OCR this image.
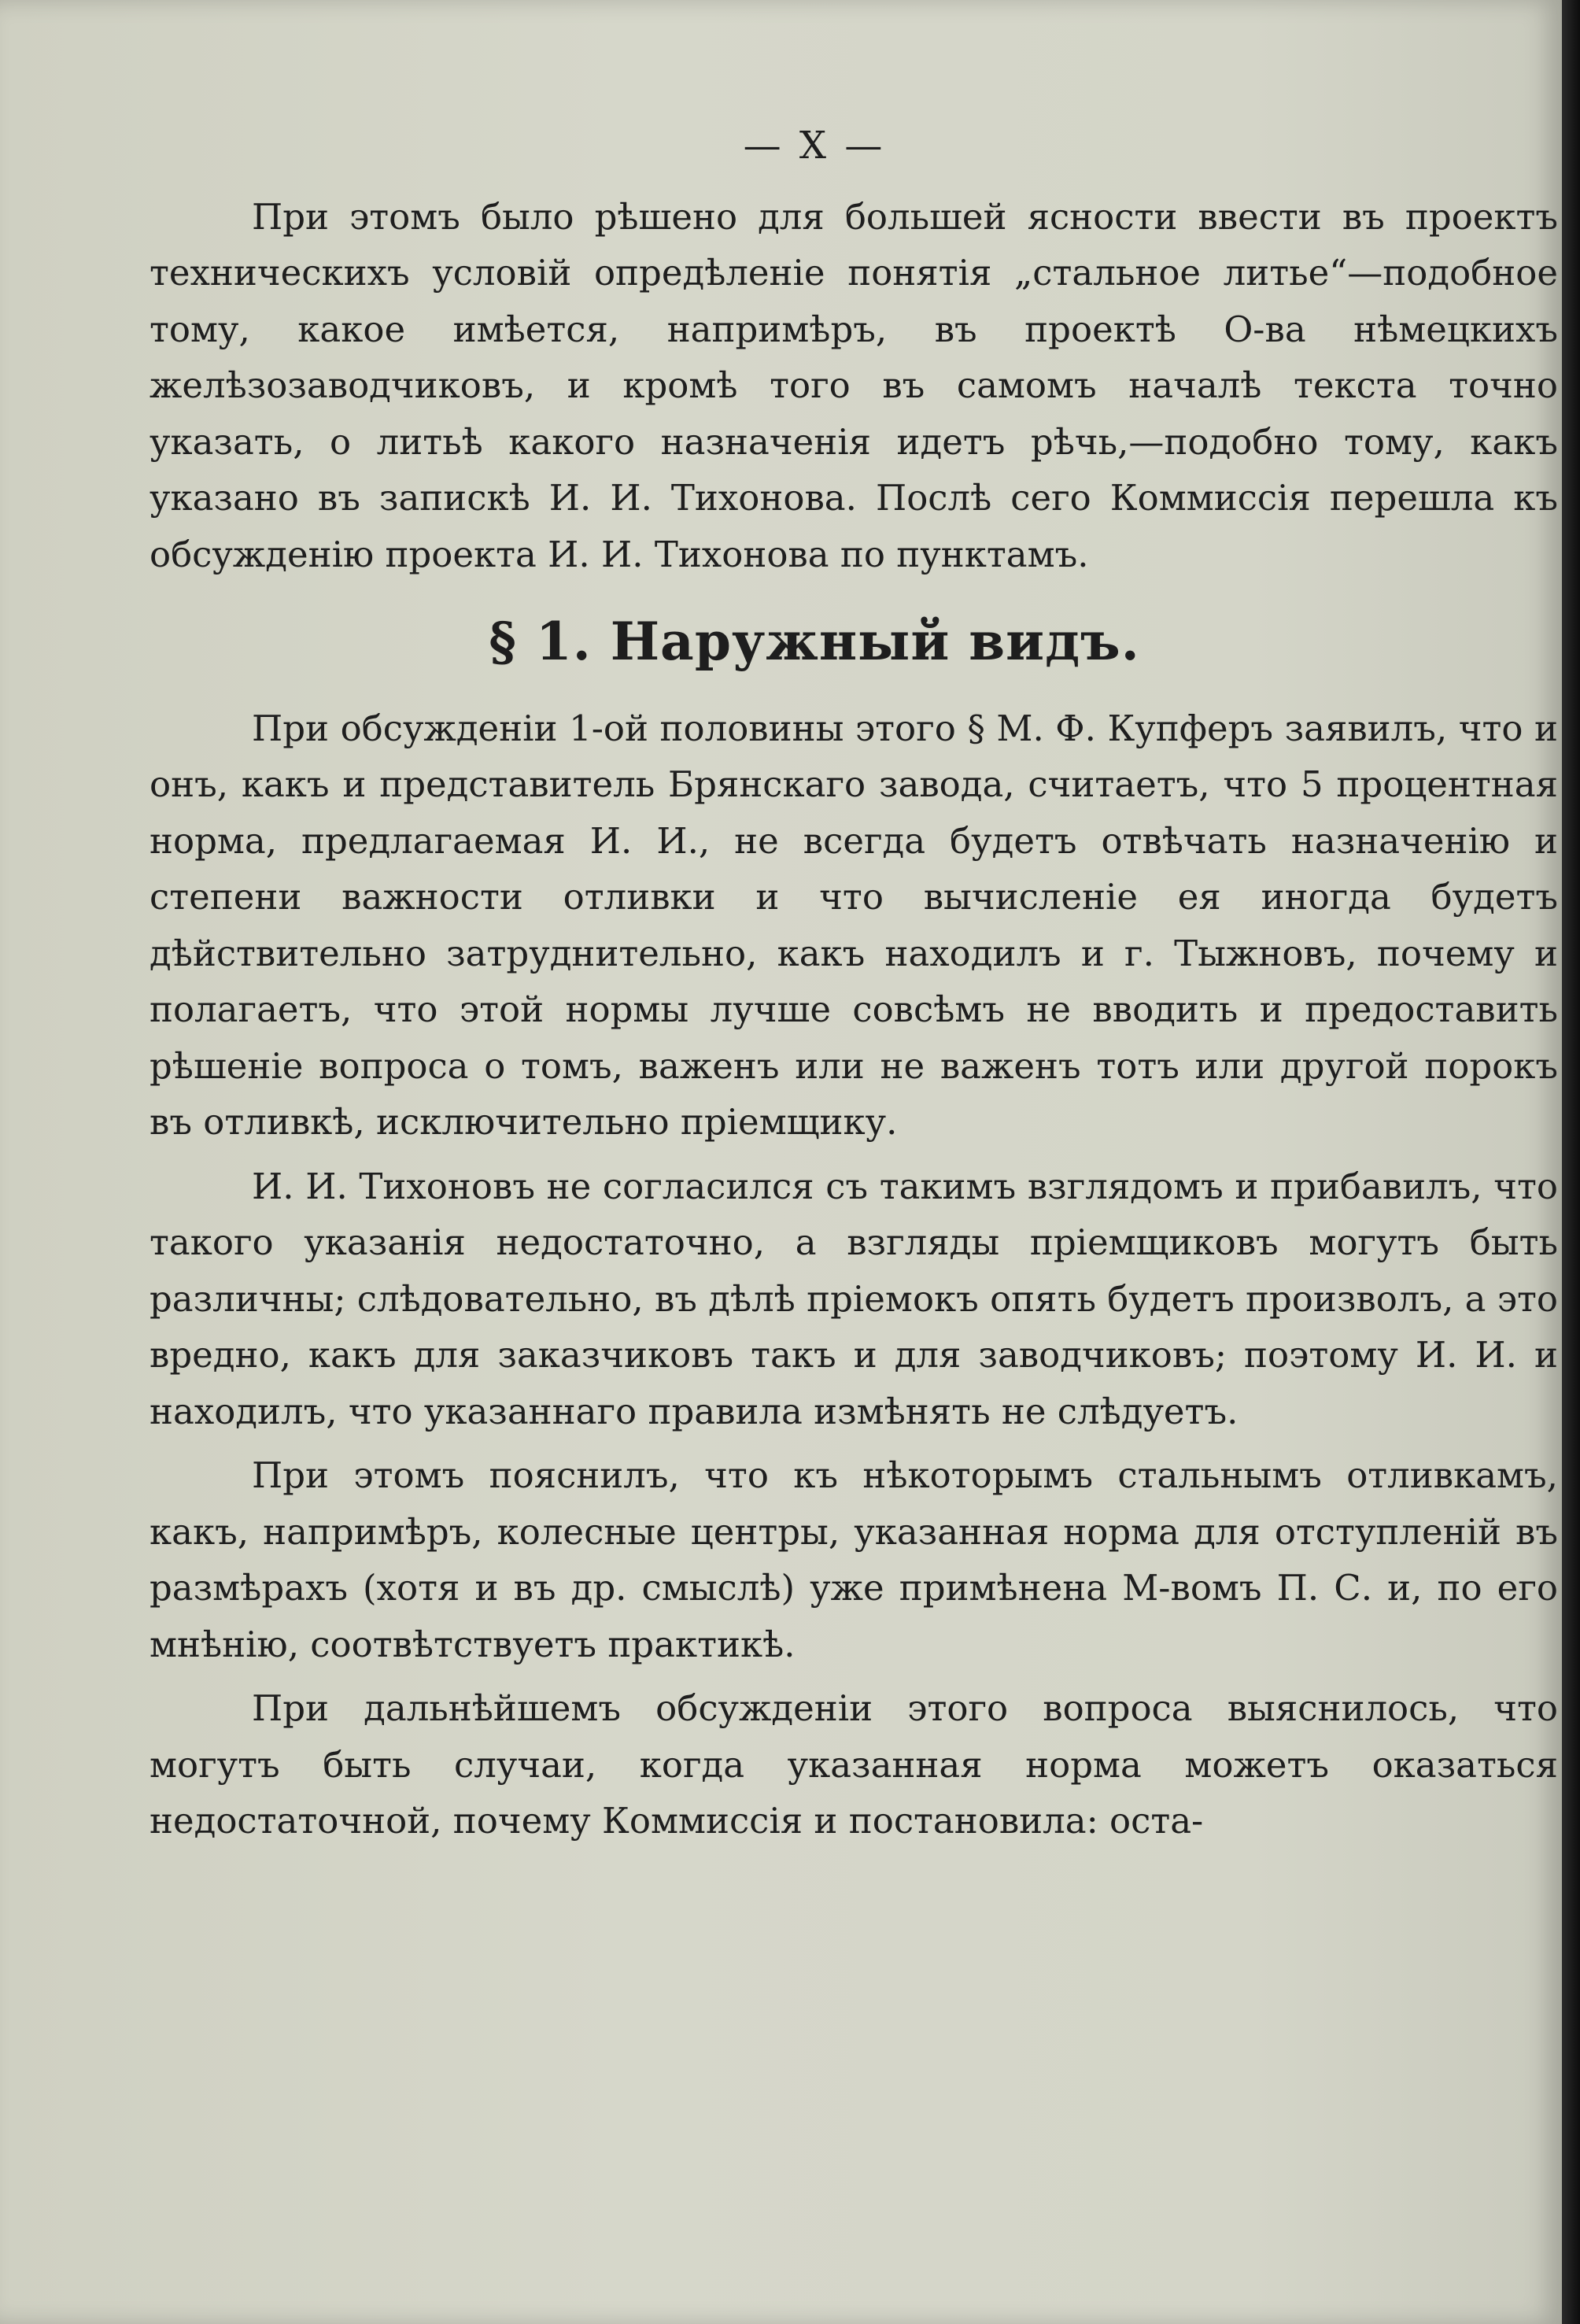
— X —

При этомъ было рѣшено для большей ясности ввести въ проектъ техническихъ условій опредѣленіе понятія „стальное литье“—подобное тому, какое имѣется, напримѣръ, въ проектѣ О-ва нѣмецкихъ желѣзозаводчиковъ, и кромѣ того въ самомъ началѣ текста точно указать, о литьѣ какого назначенія идетъ рѣчь,—подобно тому, какъ указано въ запискѣ И. И. Тихонова. Послѣ сего Коммиссія перешла къ обсужденію проекта И. И. Тихонова по пунктамъ.

§ 1. Наружный видъ.

При обсужденіи 1-ой половины этого § М. Ф. Купферъ заявилъ, что и онъ, какъ и представитель Брянскаго завода, считаетъ, что 5 процентная норма, предлагаемая И. И., не всегда будетъ отвѣчать назначенію и степени важности отливки и что вычисленіе ея иногда будетъ дѣйствительно затруднительно, какъ находилъ и г. Тыжновъ, почему и полагаетъ, что этой нормы лучше совсѣмъ не вводить и предоставить рѣшеніе вопроса о томъ, важенъ или не важенъ тотъ или другой порокъ въ отливкѣ, исключительно пріемщику.

И. И. Тихоновъ не согласился съ такимъ взглядомъ и прибавилъ, что такого указанія недостаточно, а взгляды пріемщиковъ могутъ быть различны; слѣдовательно, въ дѣлѣ пріемокъ опять будетъ произволъ, а это вредно, какъ для заказчиковъ такъ и для заводчиковъ; поэтому И. И. и находилъ, что указаннаго правила измѣнять не слѣдуетъ.

При этомъ пояснилъ, что къ нѣкоторымъ стальнымъ отливкамъ, какъ, напримѣръ, колесные центры, указанная норма для отступленій въ размѣрахъ (хотя и въ др. смыслѣ) уже примѣнена М-вомъ П. С. и, по его мнѣнію, соотвѣтствуетъ практикѣ.

При дальнѣйшемъ обсужденіи этого вопроса выяснилось, что могутъ быть случаи, когда указанная норма можетъ оказаться недостаточной, почему Коммиссія и постановила: оста-
